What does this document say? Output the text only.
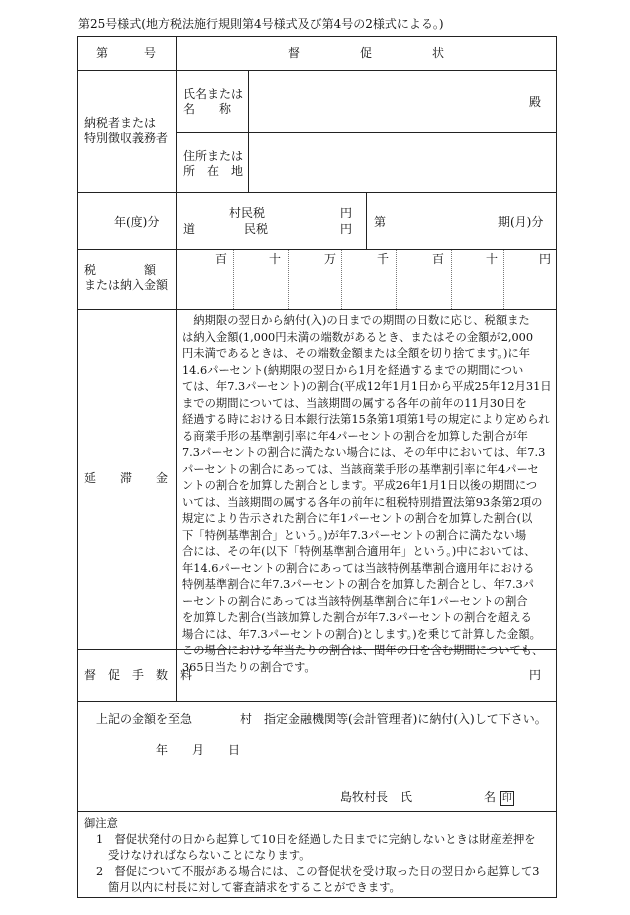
第25号様式(地方税法施行規則第4号様式及び第4号の2様式による。)
第　　　号	督　　　　　促　　　　　状
納税者または
特別徴収義務者
氏名または
名　　称	殿
住所または
所　在　地
年(度)分
村民税	円
道	民税	円 第	期(月)分
税　　　　額
または納入金額
百	十	万	千	百	十	円
延　　滞　　金
　納期限の翌日から納付(入)の日までの期間の日数に応じ、税額また
は納入金額(1,000円未満の端数があるとき、またはその金額が2,000
円未満であるときは、その端数金額または全額を切り捨てます。)に年
14.6パーセント(納期限の翌日から1月を経過するまでの期間につい
ては、年7.3パーセント)の割合(平成12年1月1日から平成25年12月31日
までの期間については、当該期間の属する各年の前年の11月30日を
経過する時における日本銀行法第15条第1項第1号の規定により定められ
る商業手形の基準割引率に年4パーセントの割合を加算した割合が年
7.3パーセントの割合に満たない場合には、その年中においては、年7.3
パーセントの割合にあっては、当該商業手形の基準割引率に年4パーセ
ントの割合を加算した割合とします。平成26年1月1日以後の期間につ
いては、当該期間の属する各年の前年に租税特別措置法第93条第2項の
規定により告示された割合に年1パーセントの割合を加算した割合(以
下「特例基準割合」という。)が年7.3パーセントの割合に満たない場
合には、その年(以下「特例基準割合適用年」という。)中においては、
年14.6パーセントの割合にあっては当該特例基準割合適用年における
特例基準割合に年7.3パーセントの割合を加算した割合とし、年7.3パ
ーセントの割合にあっては当該特例基準割合に年1パーセントの割合
を加算した割合(当該加算した割合が年7.3パーセントの割合を超える
場合には、年7.3パーセントの割合)とします。)を乗じて計算した金額。
この場合における年当たりの割合は、閏年の日を含む期間についても、
365日当たりの割合です。
督　促　手　数　料	円
上記の金額を至急　　　　村　指定金融機関等(会計管理者)に納付(入)して下さい。
年　　月　　日
島牧村長　氏　　　　　　名 印
御注意
1　 督促状発付の日から起算して10日を経過した日までに完納しないときは財産差押を
受けなければならないことになります。
2　 督促について不服がある場合には、この督促状を受け取った日の翌日から起算して3
箇月以内に村長に対して審査請求をすることができます。
